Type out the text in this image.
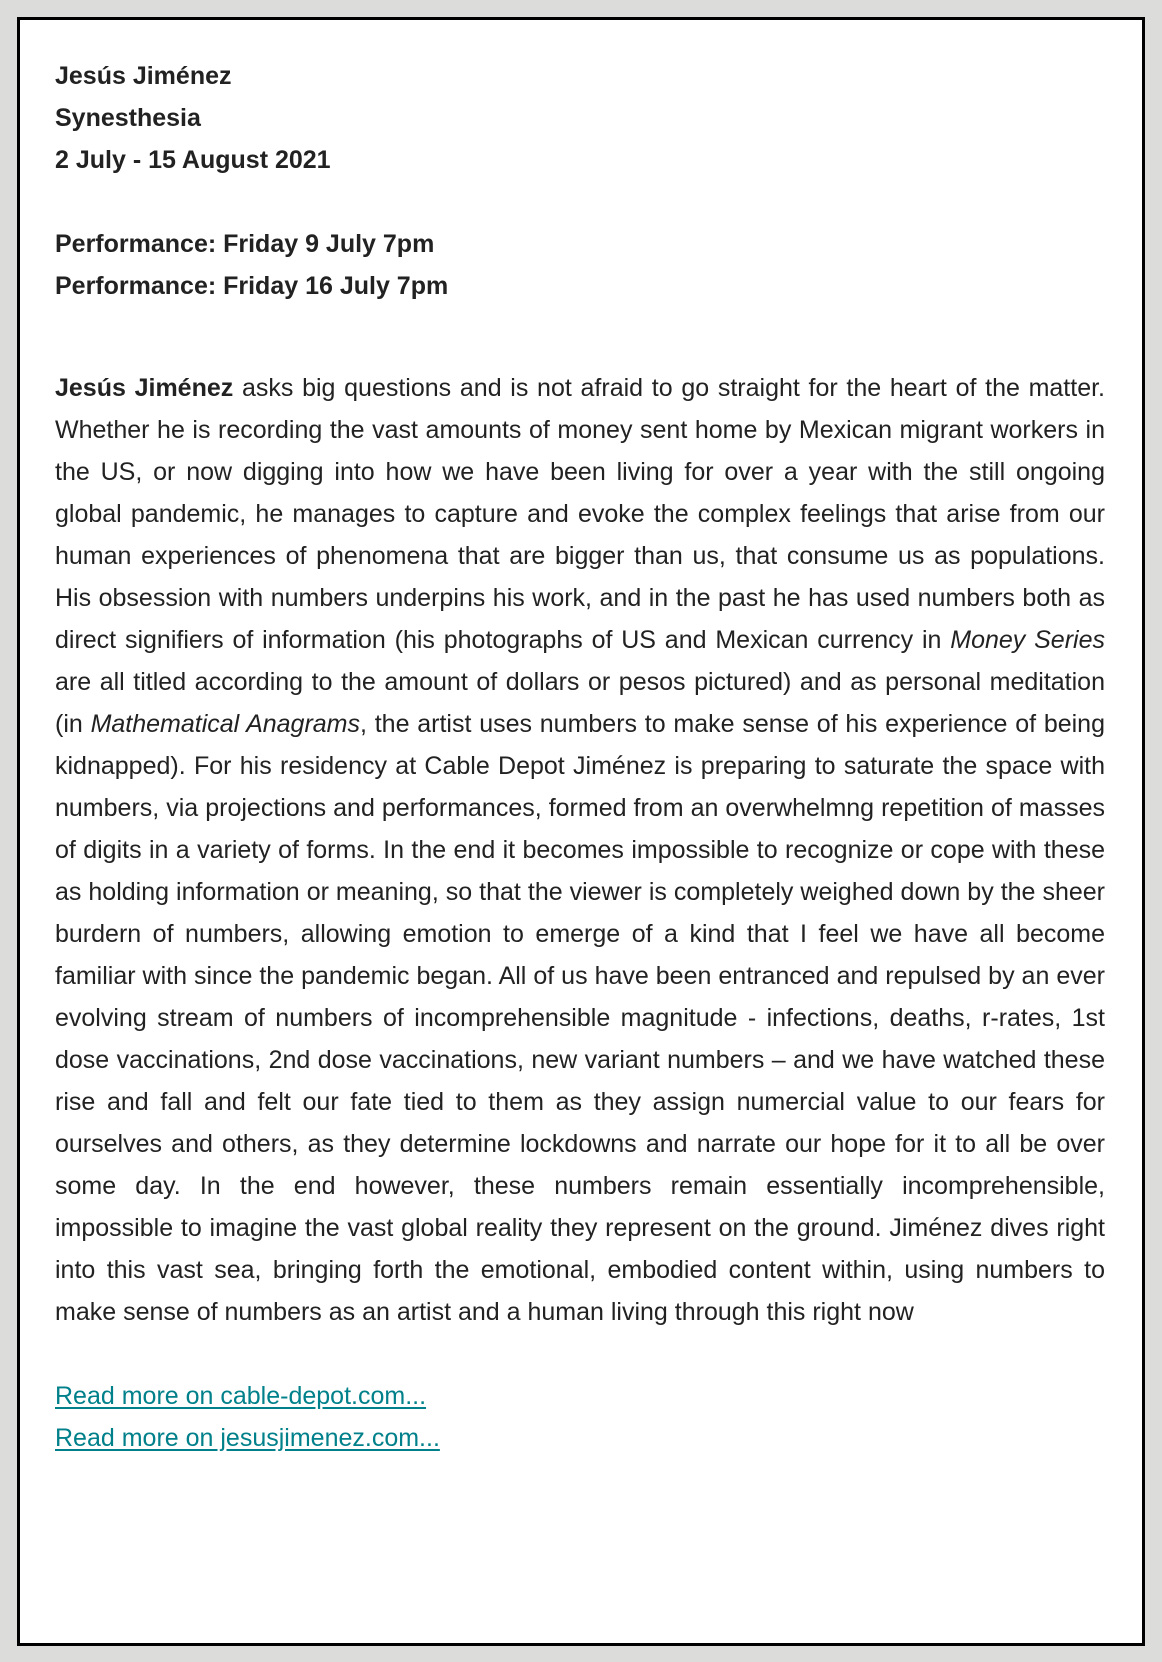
Jesús Jiménez

Synesthesia

2 July - 15 August 2021

Performance: Friday 9 July 7pm

Performance: Friday 16 July 7pm

Jesús Jiménez asks big questions and is not afraid to go straight for the heart of the matter. Whether he is recording the vast amounts of money sent home by Mexican migrant workers in the US, or now digging into how we have been living for over a year with the still ongoing global pandemic, he manages to capture and evoke the complex feelings that arise from our human experiences of phenomena that are bigger than us, that consume us as populations. His obsession with numbers underpins his work, and in the past he has used numbers both as direct signifiers of information (his photographs of US and Mexican currency in Money Series are all titled according to the amount of dollars or pesos pictured) and as personal meditation (in Mathematical Anagrams, the artist uses numbers to make sense of his experience of being kidnapped). For his residency at Cable Depot Jiménez is preparing to saturate the space with numbers, via projections and performances, formed from an overwhelmng repetition of masses of digits in a variety of forms. In the end it becomes impossible to recognize or cope with these as holding information or meaning, so that the viewer is completely weighed down by the sheer burdern of numbers, allowing emotion to emerge of a kind that I feel we have all become familiar with since the pandemic began. All of us have been entranced and repulsed by an ever evolving stream of numbers of incomprehensible magnitude - infections, deaths, r-rates, 1st dose vaccinations, 2nd dose vaccinations, new variant numbers – and we have watched these rise and fall and felt our fate tied to them as they assign numercial value to our fears for ourselves and others, as they determine lockdowns and narrate our hope for it to all be over some day. In the end however, these numbers remain essentially incomprehensible, impossible to imagine the vast global reality they represent on the ground. Jiménez dives right into this vast sea, bringing forth the emotional, embodied content within, using numbers to make sense of numbers as an artist and a human living through this right now

Read more on cable-depot.com...
Read more on jesusjimenez.com...
